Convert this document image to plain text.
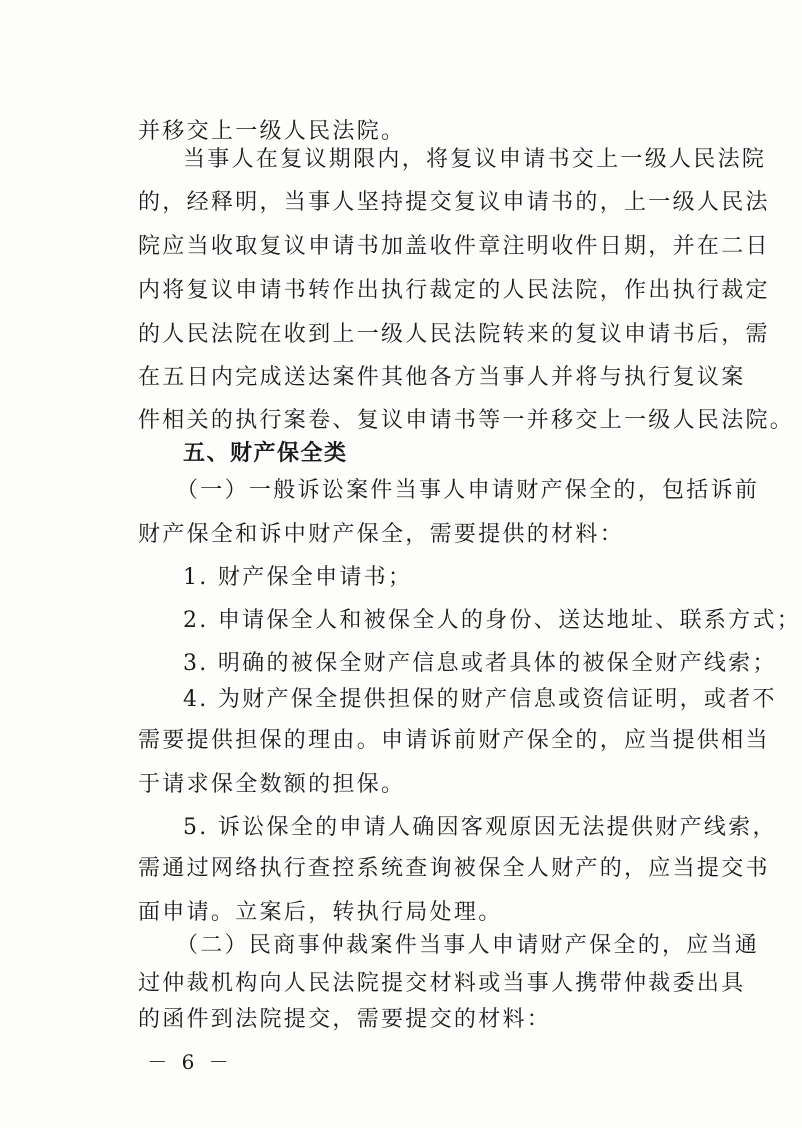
并移交上一级人民法院。
当事人在复议期限内，将复议申请书交上一级人民法院
的，经释明，当事人坚持提交复议申请书的，上一级人民法
院应当收取复议申请书加盖收件章注明收件日期，并在二日
内将复议申请书转作出执行裁定的人民法院，作出执行裁定
的人民法院在收到上一级人民法院转来的复议申请书后，需
在五日内完成送达案件其他各方当事人并将与执行复议案
件相关的执行案卷、复议申请书等一并移交上一级人民法院。
五、财产保全类
（一）一般诉讼案件当事人申请财产保全的，包括诉前
财产保全和诉中财产保全，需要提供的材料：
1. 财产保全申请书；
2. 申请保全人和被保全人的身份、送达地址、联系方式；
3. 明确的被保全财产信息或者具体的被保全财产线索；
4. 为财产保全提供担保的财产信息或资信证明，或者不
需要提供担保的理由。申请诉前财产保全的，应当提供相当
于请求保全数额的担保。
5. 诉讼保全的申请人确因客观原因无法提供财产线索，
需通过网络执行查控系统查询被保全人财产的，应当提交书
面申请。立案后，转执行局处理。
（二）民商事仲裁案件当事人申请财产保全的，应当通
过仲裁机构向人民法院提交材料或当事人携带仲裁委出具
的函件到法院提交，需要提交的材料：
－ 6 －
